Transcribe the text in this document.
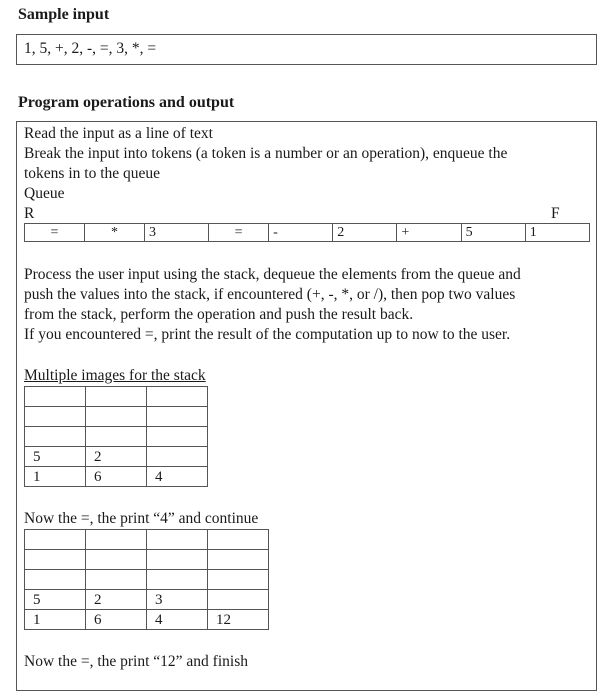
Sample input
1, 5, +, 2, -, =, 3, *, =
Program operations and output
Read the input as a line of text
Break the input into tokens (a token is a number or an operation), enqueue the
tokens in to the queue
Queue
R	F
=	*	3	=	-	2	+	5	1
Process the user input using the stack, dequeue the elements from the queue and
push the values into the stack, if encountered (+, -, *, or /), then pop two values
from the stack, perform the operation and push the result back.
If you encountered =, print the result of the computation up to now to the user.
Multiple images for the stack

5	2	
1	6	4
Now the =, the print “4” and continue

5	2	3	
1	6	4	12
Now the =, the print “12” and finish
